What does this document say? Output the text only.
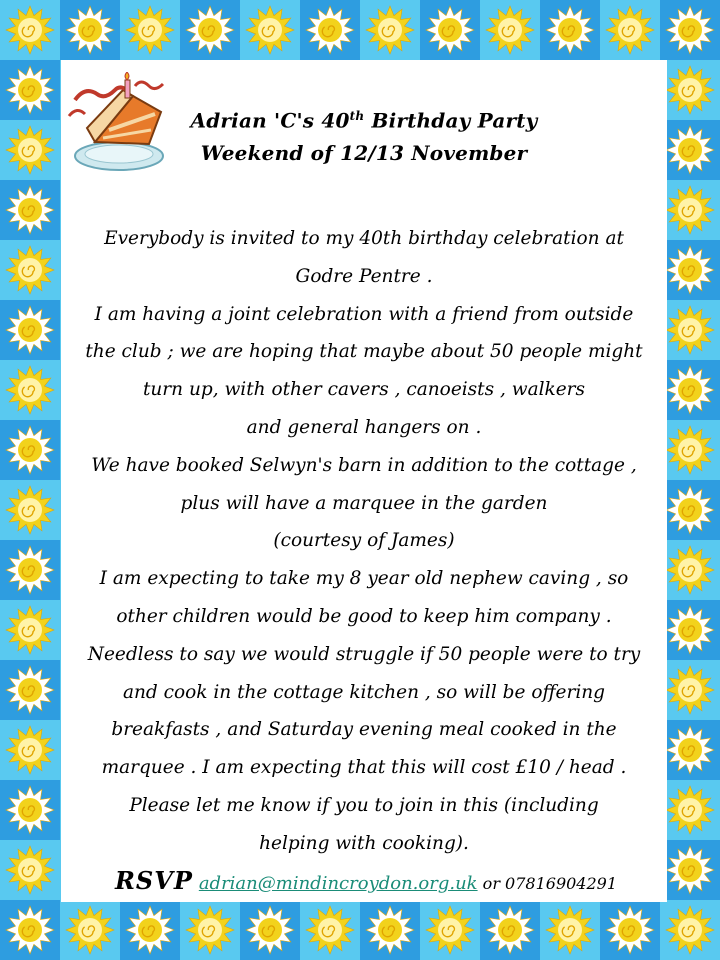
Adrian 'C's 40th Birthday Party
Weekend of 12/13 November

Everybody is invited to my 40th birthday celebration at

Godre Pentre .

I am having a joint celebration with a friend from outside

the club ; we are hoping that maybe about 50 people might

turn up, with other cavers , canoeists , walkers

and general hangers on .

We have booked Selwyn's barn in addition to the cottage ,

plus will have a marquee in the garden

(courtesy of James)

I am expecting to take my 8 year old nephew caving , so

other children would be good to keep him company .

Needless to say we would struggle if 50 people were to try

and cook in the cottage kitchen , so will be offering

breakfasts , and Saturday evening meal cooked in the

marquee . I am expecting that this will cost £10 / head .

Please let me know if you to join in this (including

helping with cooking).

RSVP adrian@mindincroydon.org.uk or 07816904291
